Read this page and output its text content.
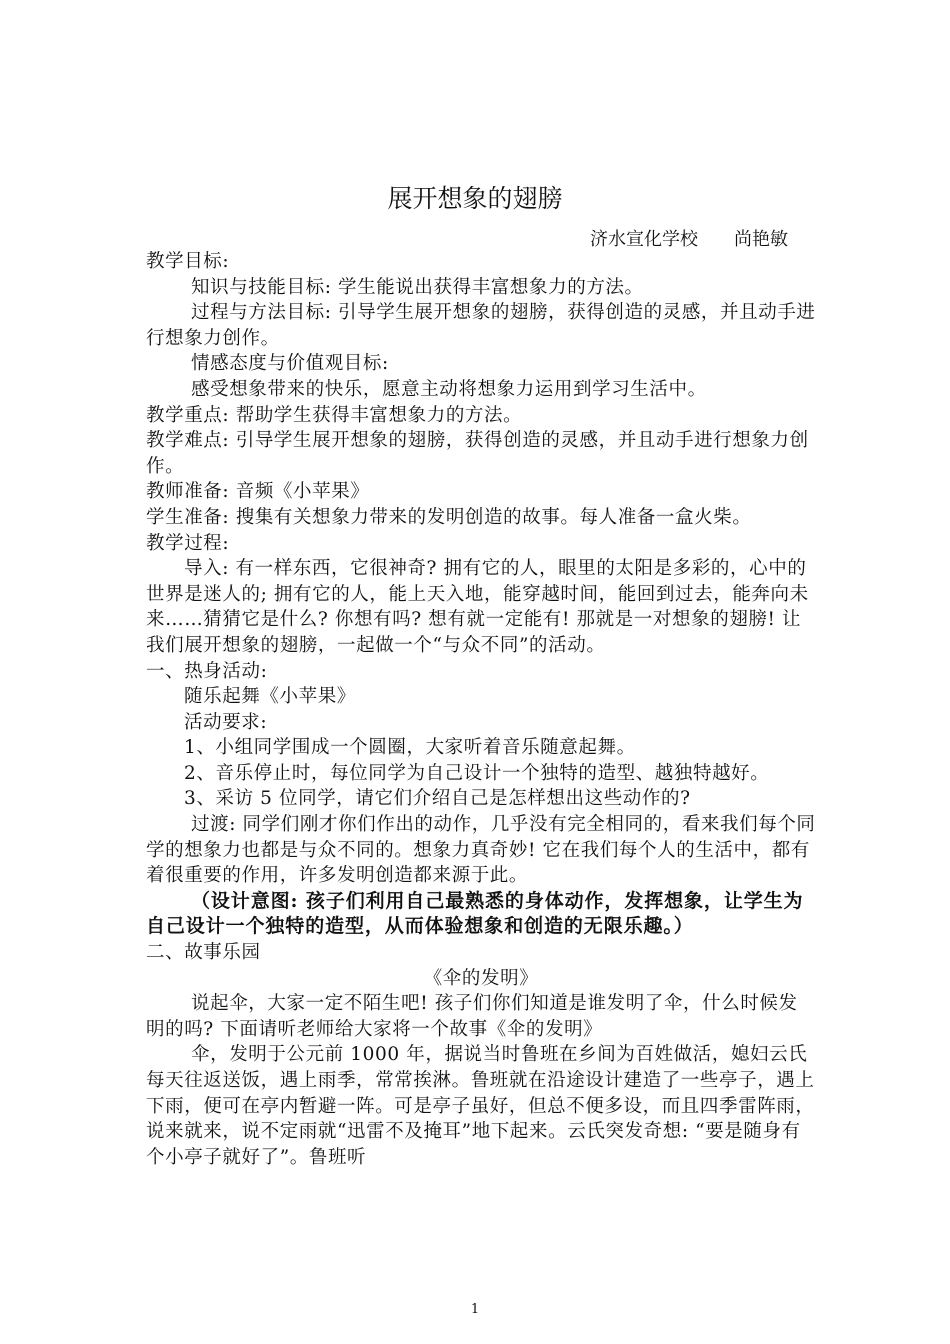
展开想象的翅膀
济水宣化学校　　尚艳敏

教学目标:

知识与技能目标: 学生能说出获得丰富想象力的方法。

过程与方法目标: 引导学生展开想象的翅膀，获得创造的灵感，并且动手进行想象力创作。

情感态度与价值观目标:

感受想象带来的快乐，愿意主动将想象力运用到学习生活中。

教学重点: 帮助学生获得丰富想象力的方法。

教学难点: 引导学生展开想象的翅膀，获得创造的灵感，并且动手进行想象力创作。

教师准备: 音频《小苹果》

学生准备: 搜集有关想象力带来的发明创造的故事。每人准备一盒火柴。

教学过程:

导入: 有一样东西，它很神奇? 拥有它的人，眼里的太阳是多彩的，心中的世界是迷人的; 拥有它的人，能上天入地，能穿越时间，能回到过去，能奔向未来……猜猜它是什么? 你想有吗? 想有就一定能有! 那就是一对想象的翅膀! 让我们展开想象的翅膀，一起做一个“与众不同”的活动。

一、热身活动:

随乐起舞《小苹果》

活动要求:

1、小组同学围成一个圆圈，大家听着音乐随意起舞。

2、音乐停止时，每位同学为自己设计一个独特的造型、越独特越好。

3、采访 5 位同学，请它们介绍自己是怎样想出这些动作的?

过渡: 同学们刚才你们作出的动作，几乎没有完全相同的，看来我们每个同学的想象力也都是与众不同的。想象力真奇妙! 它在我们每个人的生活中，都有着很重要的作用，许多发明创造都来源于此。

（设计意图: 孩子们利用自己最熟悉的身体动作，发挥想象，让学生为自己设计一个独特的造型，从而体验想象和创造的无限乐趣。）

二、故事乐园

《伞的发明》

说起伞，大家一定不陌生吧! 孩子们你们知道是谁发明了伞，什么时候发明的吗? 下面请听老师给大家将一个故事《伞的发明》

伞，发明于公元前 1000 年，据说当时鲁班在乡间为百姓做活，媳妇云氏每天往返送饭，遇上雨季，常常挨淋。鲁班就在沿途设计建造了一些亭子，遇上下雨，便可在亭内暂避一阵。可是亭子虽好，但总不便多设，而且四季雷阵雨，说来就来，说不定雨就“迅雷不及掩耳”地下起来。云氏突发奇想: “要是随身有个小亭子就好了”。鲁班听

1
